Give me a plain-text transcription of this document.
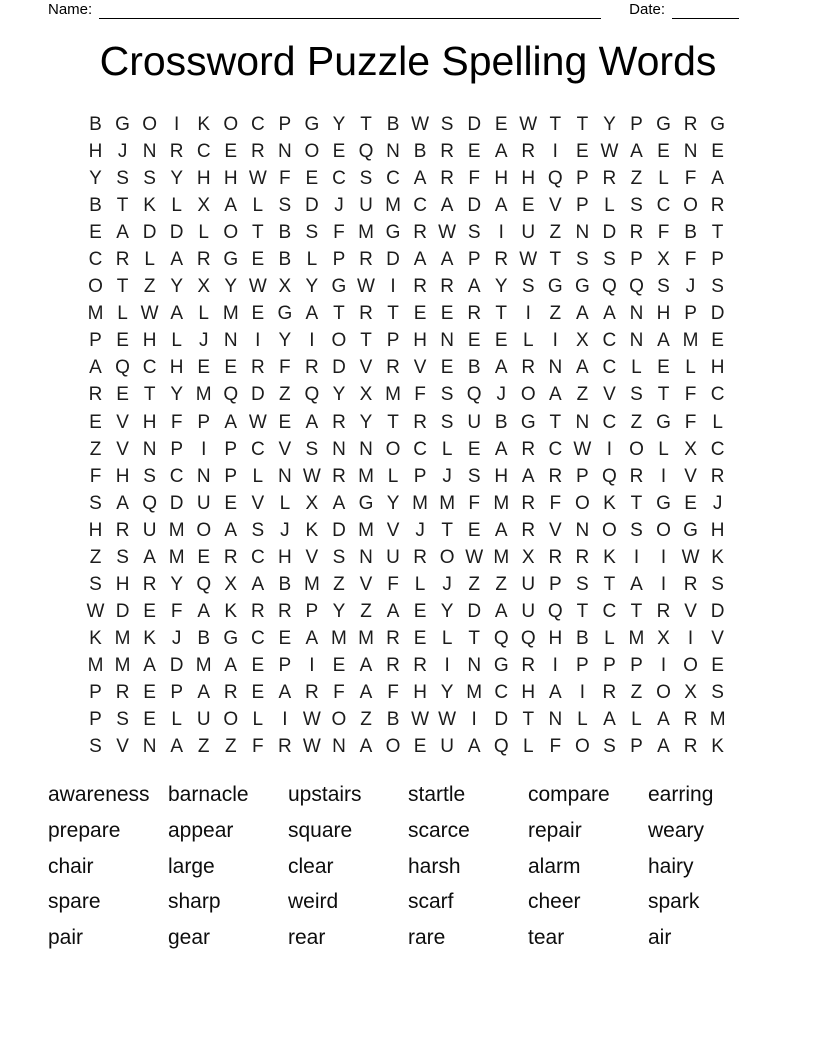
Name:	Date:
Crossword Puzzle Spelling Words
B G O I K O C P G Y T B W S D E W T T Y P G R G
H J N R C E R N O E Q N B R E A R I E W A E N E
Y S S Y H H W F E C S C A R F H H Q P R Z L F A
B T K L X A L S D J U M C A D A E V P L S C O R
E A D D L O T B S F M G R W S I U Z N D R F B T
C R L A R G E B L P R D A A P R W T S S P X F P
O T Z Y X Y W X Y G W I R R A Y S G G Q Q S J S
M L W A L M E G A T R T E E R T I Z A A N H P D
P E H L J N I Y I O T P H N E E L	I X C N A M E
A Q C H E E R F R D V R V E B A R N A C L E L H
R E T Y M Q D Z Q Y X M F S Q J O A Z V S T F C
E V H F P A W E A R Y T R S U B G T N C Z G F L
Z V N P I P C V S N N O C L E A R C W I O L X C
F H S C N P L N W R M L P J S H A R P Q R I V R
S A Q D U E V L X A G Y M M F M R F O K T G E J
H R U M O A S J K D M V J T E A R V N O S O G H
Z S A M E R C H V S N U R O W M X R R K I	I W K
S H R Y Q X A B M Z V F L J Z Z U P S T A I R S
W D E F A K R R P Y Z A E Y D A U Q T C T R V D
K M K J B G C E A M M R E L T Q Q H B L M X I V
M M A D M A E P I E A R R I N G R I P P P I O E
P R E P A R E A R F A F H Y M C H A I R Z O X S
P S E L U O L	I W O Z B W W I D T N L A L A R M
S V N A Z Z F R W N A O E U A Q L F O S P A R K
awareness barnacle	upstairs	startle	compare	earring
prepare	appear	square	scarce	repair	weary
chair	large	clear	harsh	alarm	hairy
spare	sharp	weird	scarf	cheer	spark
pair	gear	rear	rare	tear	air
